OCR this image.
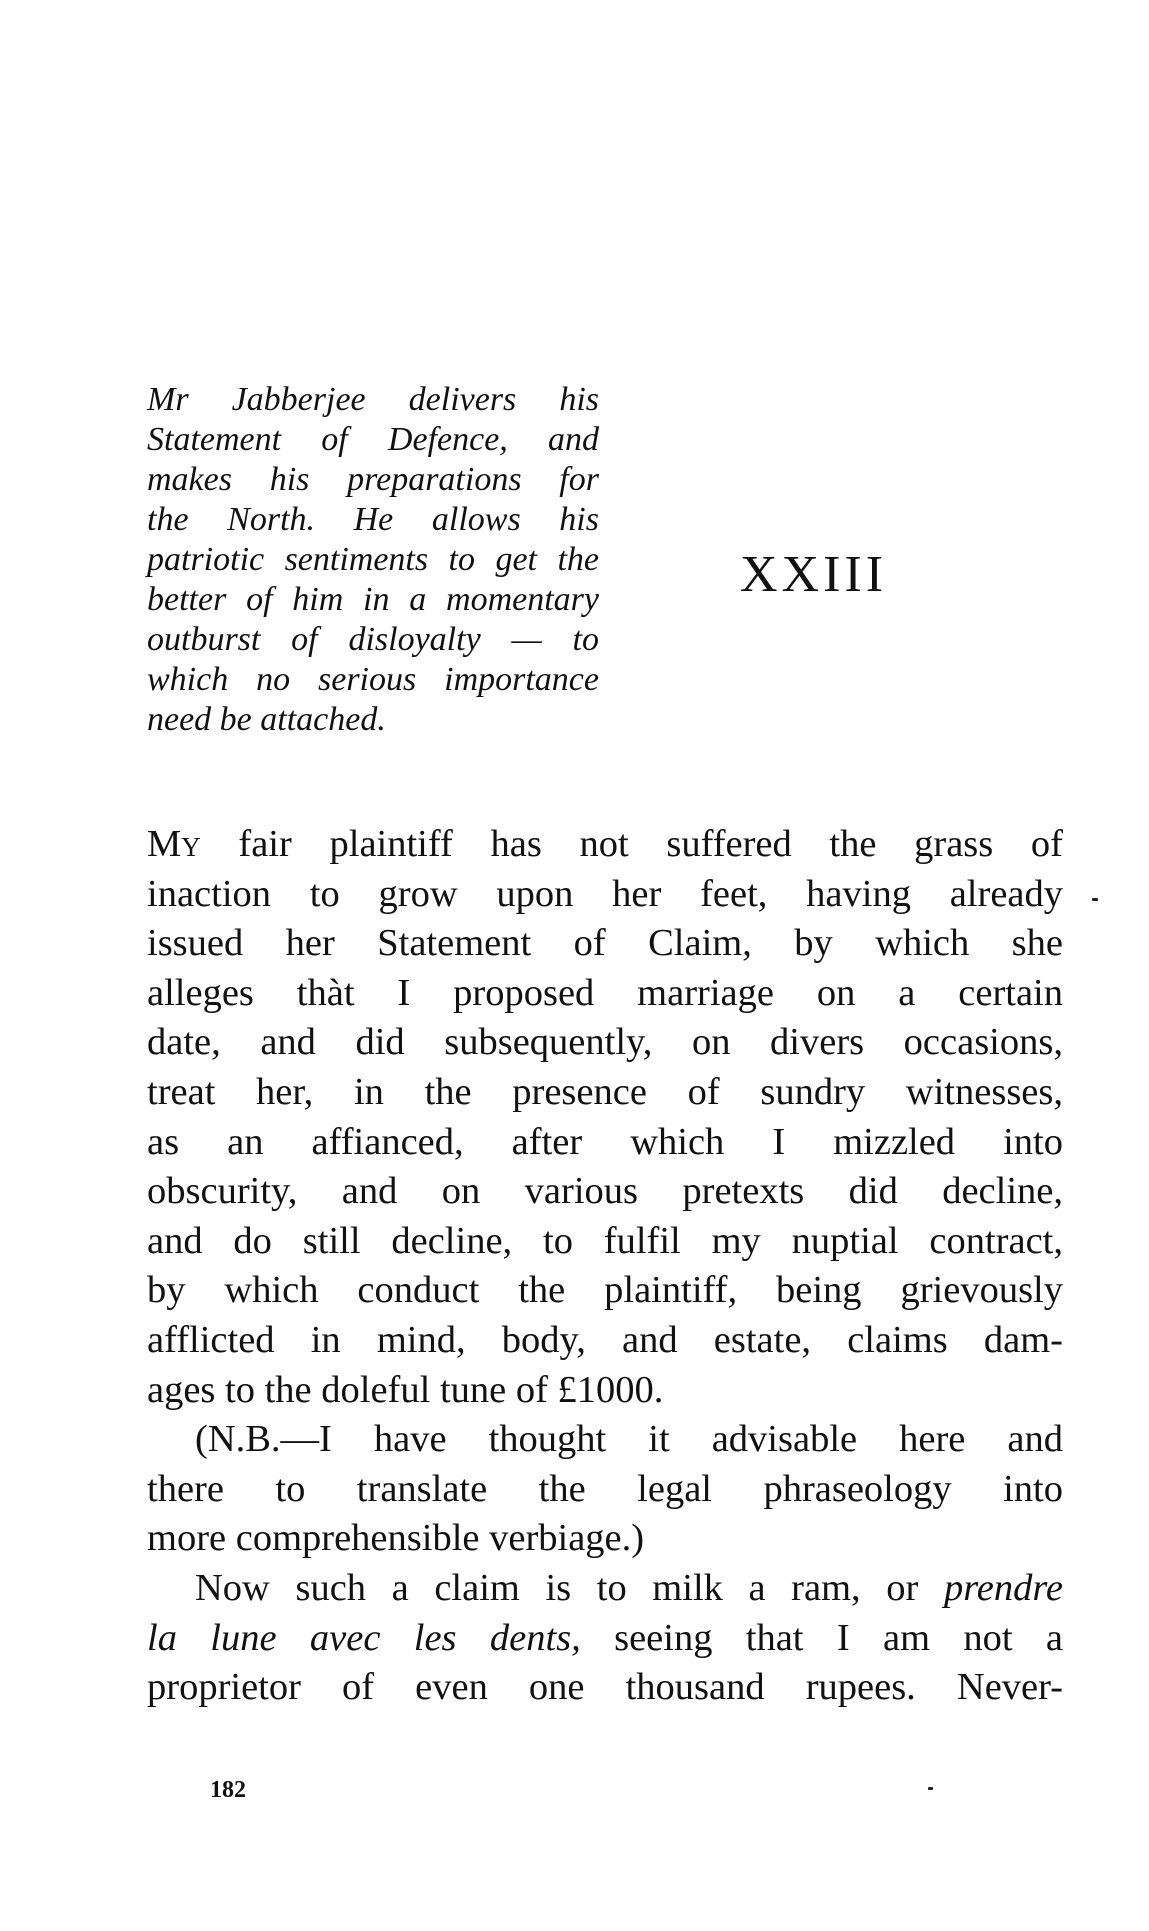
Mr Jabberjee delivers his
Statement of Defence, and
makes his preparations for
the North. He allows his
patriotic sentiments to get the
better of him in a momentary
outburst of disloyalty — to
which no serious importance
need be attached.
XXIII
My fair plaintiff has not suffered the grass of
inaction to grow upon her feet, having already
issued her Statement of Claim, by which she
alleges thàt I proposed marriage on a certain
date, and did subsequently, on divers occasions,
treat her, in the presence of sundry witnesses,
as an affianced, after which I mizzled into
obscurity, and on various pretexts did decline,
and do still decline, to fulfil my nuptial contract,
by which conduct the plaintiff, being grievously
afflicted in mind, body, and estate, claims dam-
ages to the doleful tune of £1000.
(N.B.—I have thought it advisable here and
there to translate the legal phraseology into
more comprehensible verbiage.)
Now such a claim is to milk a ram, or prendre
la lune avec les dents, seeing that I am not a
proprietor of even one thousand rupees. Never-
182
